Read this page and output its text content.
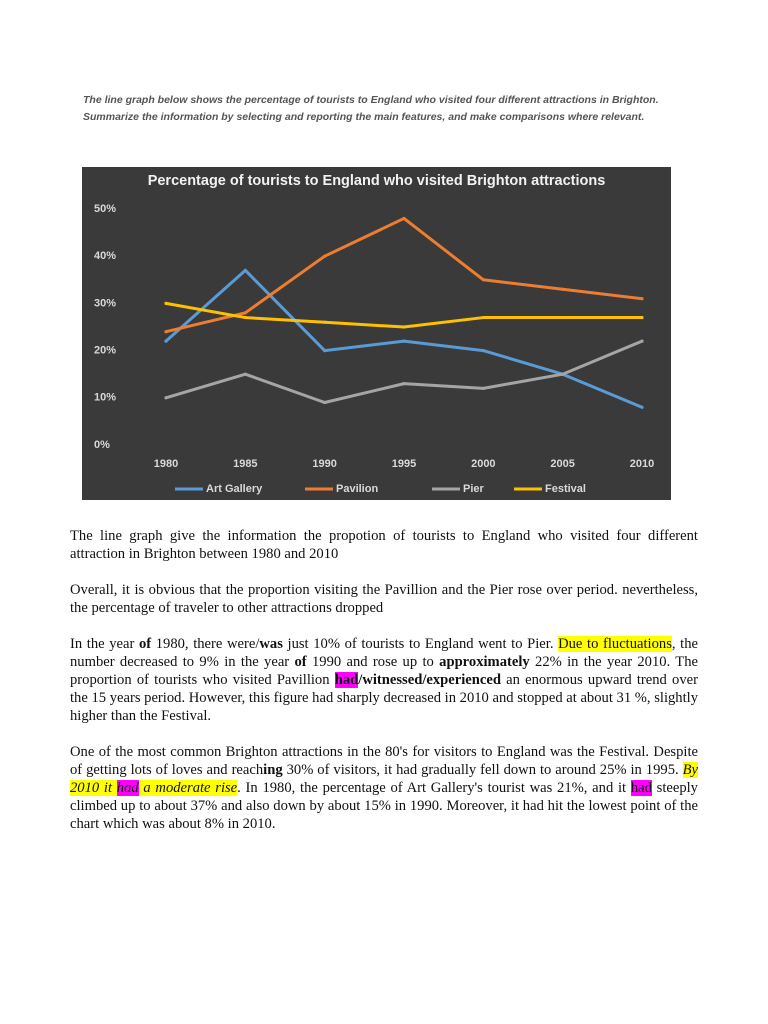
The line graph below shows the percentage of tourists to England who visited four different attractions in Brighton. Summarize the information by selecting and reporting the main features, and make comparisons where relevant.
Percentage of tourists to England who visited Brighton attractions
0%
10%
20%
30%
40%
50%
1980	1985	1990	1995	2000	2005	2010
Art Gallery	Pavilion	Pier	Festival

The line graph give the information the propotion of tourists to England who visited four different attraction in Brighton between 1980 and 2010

Overall, it is obvious that the proportion visiting the Pavillion and the Pier rose over period. nevertheless, the percentage of traveler to other attractions dropped

In the year of 1980, there were/was just 10% of tourists to England went to Pier. Due to fluctuations, the number decreased to 9% in the year of 1990 and rose up to approximately 22% in the year 2010. The proportion of tourists who visited Pavillion had/witnessed/experienced an enormous upward trend over the 15 years period. However, this figure had sharply decreased in 2010 and stopped at about 31 %, slightly higher than the Festival.

One of the most common Brighton attractions in the 80's for visitors to England was the Festival. Despite of getting lots of loves and reaching 30% of visitors, it had gradually fell down to around 25% in 1995. By 2010 it had a moderate rise. In 1980, the percentage of Art Gallery's tourist was 21%, and it had steeply climbed up to about 37% and also down by about 15% in 1990. Moreover, it had hit the lowest point of the chart which was about 8% in 2010.
